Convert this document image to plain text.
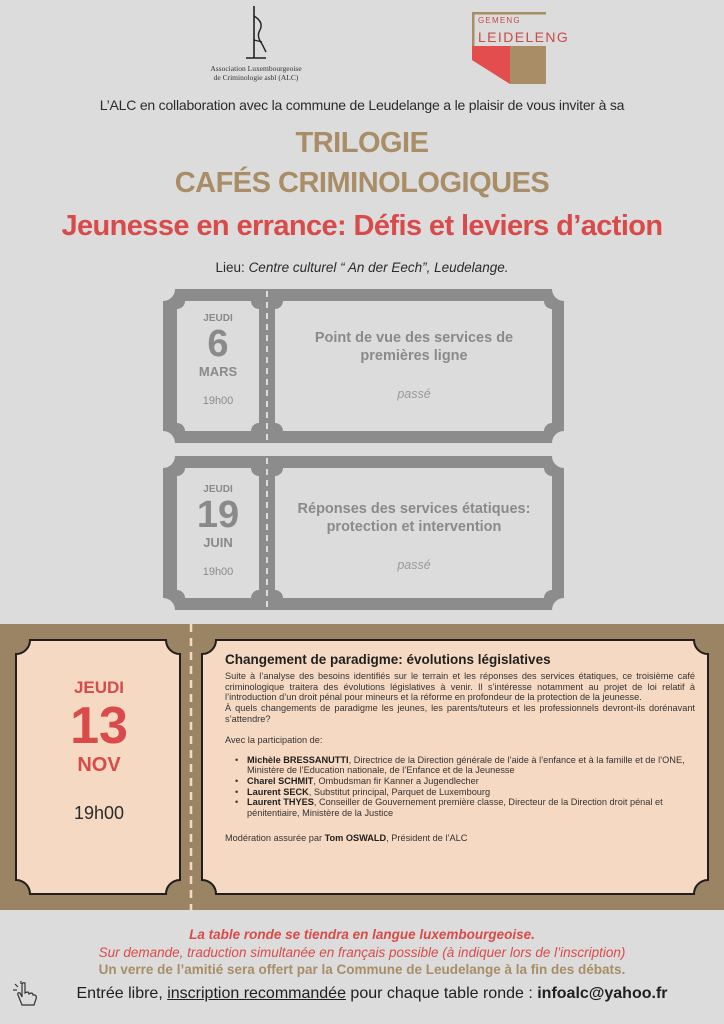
Association Luxembourgeoise
de Criminologie asbl (ALC)
GEMENG
LEIDELENG
L’ALC en collaboration avec la commune de Leudelange a le plaisir de vous inviter à sa
TRILOGIE
CAFÉS CRIMINOLOGIQUES
Jeunesse en errance: Défis et leviers d’action
Lieu: Centre culturel “ An der Eech”, Leudelange.
JEUDI
6
MARS
19h00
Point de vue des services de premières ligne
passé
JEUDI
19
JUIN
19h00
Réponses des services étatiques: protection et intervention
passé
JEUDI
13
NOV
19h00
Changement de paradigme: évolutions législatives
Suite à l’analyse des besoins identifiés sur le terrain et les réponses des services étatiques, ce troisième café criminologique traitera des évolutions législatives à venir. Il s’intéresse notamment au projet de loi relatif à l’introduction d’un droit pénal pour mineurs et la réforme en profondeur de la protection de la jeunesse.
À quels changements de paradigme les jeunes, les parents/tuteurs et les professionnels devront-ils dorénavant s’attendre?
Avec la participation de:
• Michèle BRESSANUTTI, Directrice de la Direction générale de l’aide à l’enfance et à la famille et de l’ONE, Ministère de l’Education nationale, de l’Enfance et de la Jeunesse
• Charel SCHMIT, Ombudsman fir Kanner a Jugendlecher
• Laurent SECK, Substitut principal, Parquet de Luxembourg
• Laurent THYES, Conseiller de Gouvernement première classe, Directeur de la Direction droit pénal et pénitentiaire, Ministère de la Justice
Modération assurée par Tom OSWALD, Président de l’ALC
La table ronde se tiendra en langue luxembourgeoise.
Sur demande, traduction simultanée en français possible (à indiquer lors de l’inscription)
Un verre de l’amitié sera offert par la Commune de Leudelange à la fin des débats.
Entrée libre, inscription recommandée pour chaque table ronde : infoalc@yahoo.fr
